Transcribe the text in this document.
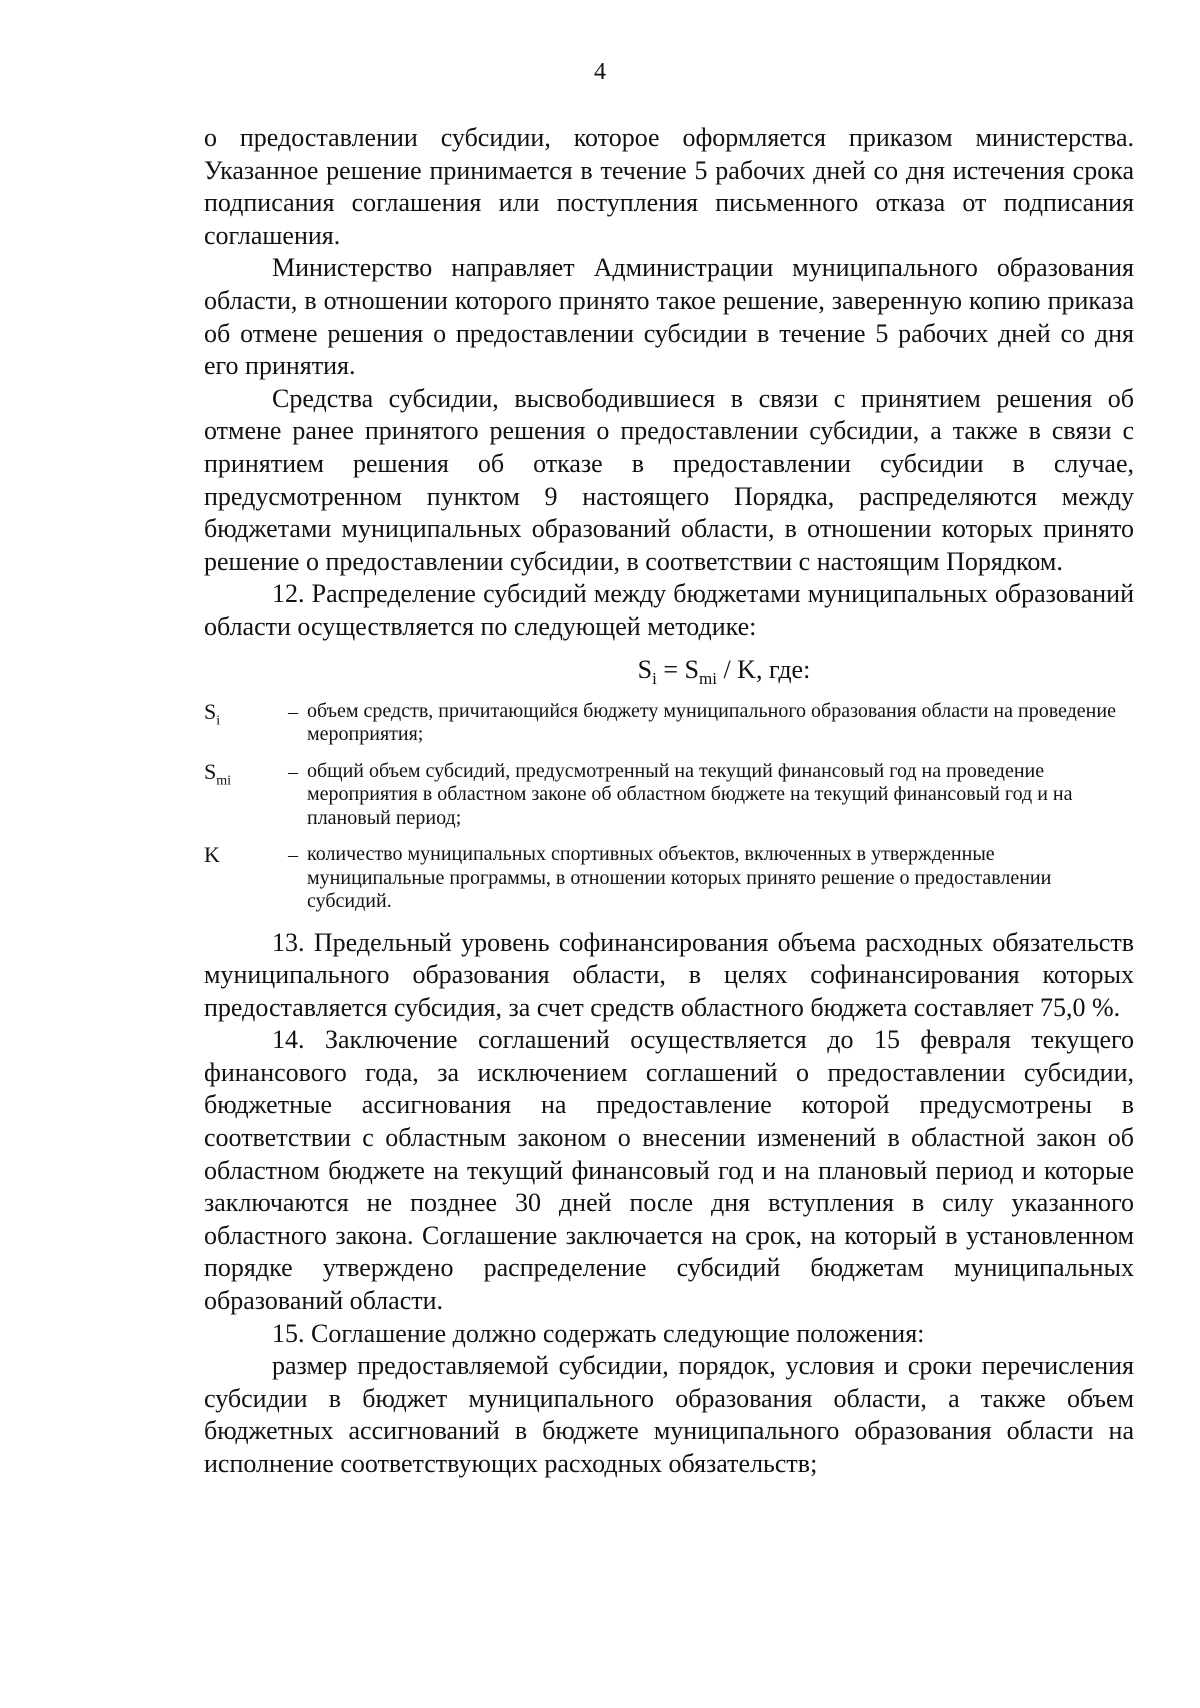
4

о предоставлении субсидии, которое оформляется приказом министерства. Указанное решение принимается в течение 5 рабочих дней со дня истечения срока подписания соглашения или поступления письменного отказа от подписания соглашения.

Министерство направляет Администрации муниципального образования области, в отношении которого принято такое решение, заверенную копию приказа об отмене решения о предоставлении субсидии в течение 5 рабочих дней со дня его принятия.

Средства субсидии, высвободившиеся в связи с принятием решения об отмене ранее принятого решения о предоставлении субсидии, а также в связи с принятием решения об отказе в предоставлении субсидии в случае, предусмотренном пунктом 9 настоящего Порядка, распределяются между бюджетами муниципальных образований области, в отношении которых принято решение о предоставлении субсидии, в соответствии с настоящим Порядком.

12. Распределение субсидий между бюджетами муниципальных образований области осуществляется по следующей методике:

$S_i = S_{mi} / K$, где:
$S_i$	– объем средств, причитающийся бюджету муниципального образования области на проведение мероприятия;
$S_{mi}$	– общий объем субсидий, предусмотренный на текущий финансовый год на проведение мероприятия в областном законе об областном бюджете на текущий финансовый год и на плановый период;
K	– количество муниципальных спортивных объектов, включенных в утвержденные муниципальные программы, в отношении которых принято решение о предоставлении субсидий.

13. Предельный уровень софинансирования объема расходных обязательств муниципального образования области, в целях софинансирования которых предоставляется субсидия, за счет средств областного бюджета составляет 75,0 %.

14. Заключение соглашений осуществляется до 15 февраля текущего финансового года, за исключением соглашений о предоставлении субсидии, бюджетные ассигнования на предоставление которой предусмотрены в соответствии с областным законом о внесении изменений в областной закон об областном бюджете на текущий финансовый год и на плановый период и которые заключаются не позднее 30 дней после дня вступления в силу указанного областного закона. Соглашение заключается на срок, на который в установленном порядке утверждено распределение субсидий бюджетам муниципальных образований области.

15. Соглашение должно содержать следующие положения:

размер предоставляемой субсидии, порядок, условия и сроки перечисления субсидии в бюджет муниципального образования области, а также объем бюджетных ассигнований в бюджете муниципального образования области на исполнение соответствующих расходных обязательств;
